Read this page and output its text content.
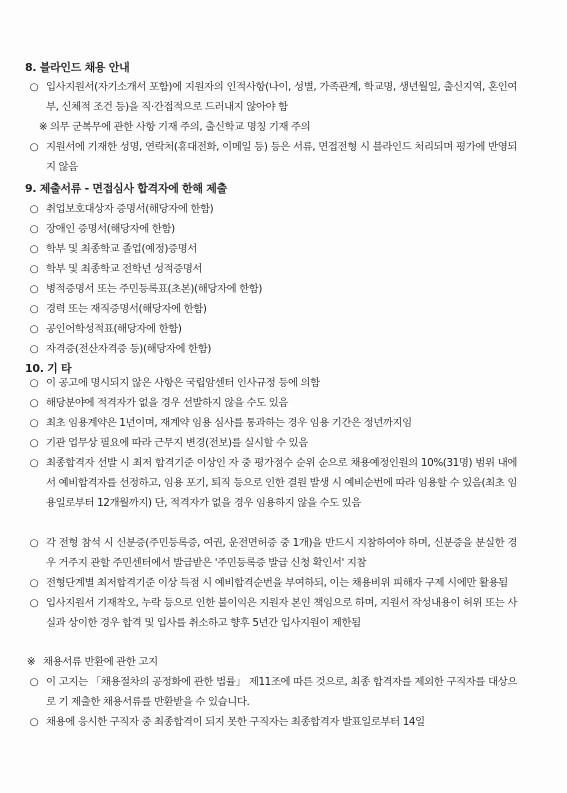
8. 블라인드 채용 안내
○ 입사지원서(자기소개서 포함)에 지원자의 인적사항(나이, 성별, 가족관계, 학교명, 생년월일, 출신지역, 혼인여부, 신체적 조건 등)을 직·간접적으로 드러내지 않아야 함
※ 의무 군복무에 관한 사항 기재 주의, 출신학교 명칭 기재 주의
○ 지원서에 기재한 성명, 연락처(휴대전화, 이메일 등) 등은 서류, 면접전형 시 블라인드 처리되며 평가에 반영되지 않음
9. 제출서류 - 면접심사 합격자에 한해 제출
○ 취업보호대상자 증명서(해당자에 한함)
○ 장애인 증명서(해당자에 한함)
○ 학부 및 최종학교 졸업(예정)증명서
○ 학부 및 최종학교 전학년 성적증명서
○ 병적증명서 또는 주민등록표(초본)(해당자에 한함)
○ 경력 또는 재직증명서(해당자에 한함)
○ 공인어학성적표(해당자에 한함)
○ 자격증(전산자격증 등)(해당자에 한함)
10. 기 타
○ 이 공고에 명시되지 않은 사항은 국립암센터 인사규정 등에 의함
○ 해당분야에 적격자가 없을 경우 선발하지 않을 수도 있음
○ 최초 임용계약은 1년이며, 재계약 임용 심사를 통과하는 경우 임용 기간은 정년까지임
○ 기관 업무상 필요에 따라 근무지 변경(전보)를 실시할 수 있음
○ 최종합격자 선발 시 최저 합격기준 이상인 자 중 평가점수 순위 순으로 채용예정인원의 10%(31명) 범위 내에서 예비합격자를 선정하고, 임용 포기, 퇴직 등으로 인한 결원 발생 시 예비순번에 따라 임용할 수 있음(최초 임용일로부터 12개월까지) 단, 적격자가 없을 경우 임용하지 않을 수도 있음
○ 각 전형 참석 시 신분증(주민등록증, 여권, 운전면허증 중 1개)을 반드시 지참하여야 하며, 신분증을 분실한 경우 거주지 관할 주민센터에서 발급받은 '주민등록증 발급 신청 확인서' 지참
○ 전형단계별 최저합격기준 이상 득점 시 예비합격순번을 부여하되, 이는 채용비위 피해자 구제 시에만 활용됨
○ 입사지원서 기재착오, 누락 등으로 인한 불이익은 지원자 본인 책임으로 하며, 지원서 작성내용이 허위 또는 사실과 상이한 경우 합격 및 입사를 취소하고 향후 5년간 입사지원이 제한됨
※ 채용서류 반환에 관한 고지
○ 이 고지는 「채용절차의 공정화에 관한 법률」 제11조에 따른 것으로, 최종 합격자를 제외한 구직자를 대상으로 기 제출한 채용서류를 반환받을 수 있습니다.
○ 채용에 응시한 구직자 중 최종합격이 되지 못한 구직자는 최종합격자 발표일로부터 14일
